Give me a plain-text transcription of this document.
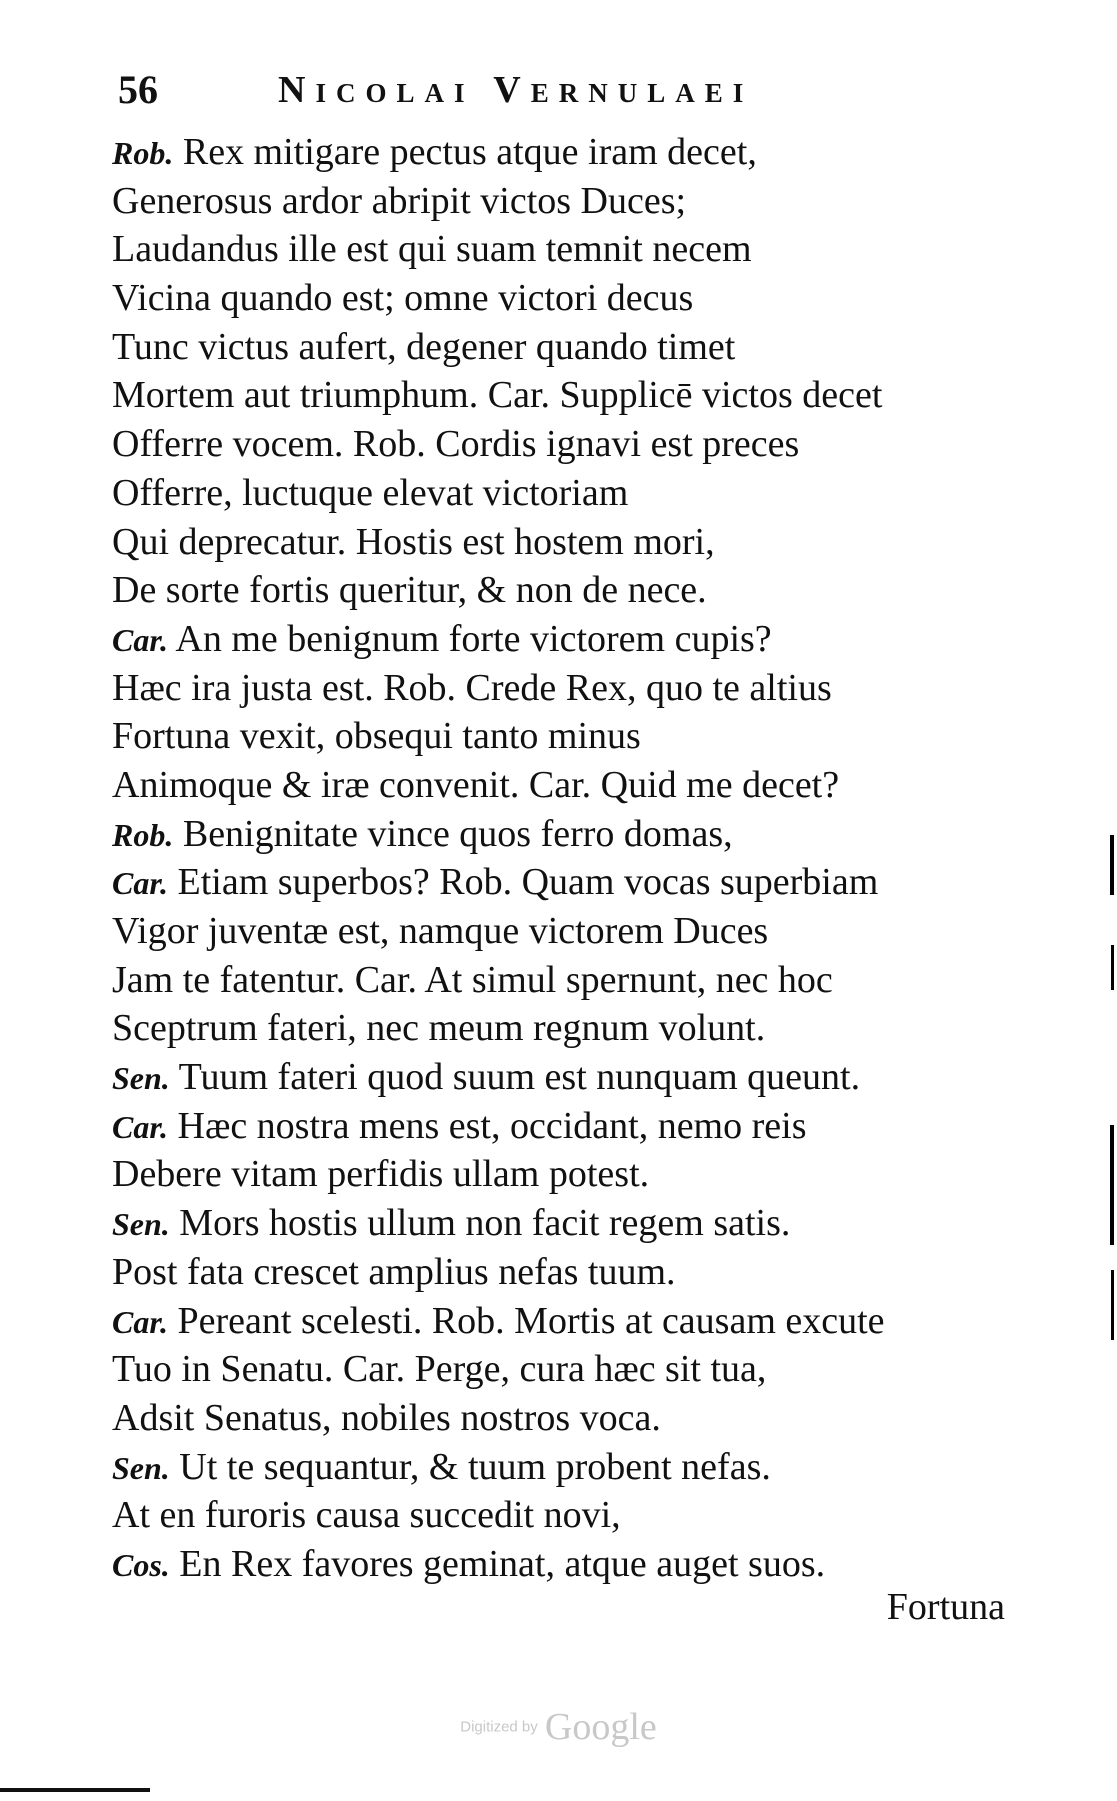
56	Nicolai Vernulaei
Rob. Rex mitigare pectus atque iram decet,
Generosus ardor abripit victos Duces;
Laudandus ille est qui suam temnit necem
Vicina quando est; omne victori decus
Tunc victus aufert, degener quando timet
Mortem aut triumphum. Car. Supplicē victos decet
Offerre vocem. Rob. Cordis ignavi est preces
Offerre, luctuque elevat victoriam
Qui deprecatur. Hostis est hostem mori,
De sorte fortis queritur, & non de nece.
Car. An me benignum forte victorem cupis?
Hæc ira justa est. Rob. Crede Rex, quo te altius
Fortuna vexit, obsequi tanto minus
Animoque & iræ convenit. Car. Quid me decet?
Rob. Benignitate vince quos ferro domas,
Car. Etiam superbos? Rob. Quam vocas superbiam
Vigor juventæ est, namque victorem Duces
Jam te fatentur. Car. At simul spernunt, nec hoc
Sceptrum fateri, nec meum regnum volunt.
Sen. Tuum fateri quod suum est nunquam queunt.
Car. Hæc nostra mens est, occidant, nemo reis
Debere vitam perfidis ullam potest.
Sen. Mors hostis ullum non facit regem satis.
Post fata crescet amplius nefas tuum.
Car. Pereant scelesti. Rob. Mortis at causam excute
Tuo in Senatu. Car. Perge, cura hæc sit tua,
Adsit Senatus, nobiles nostros voca.
Sen. Ut te sequantur, & tuum probent nefas.
At en furoris causa succedit novi,
Cos. En Rex favores geminat, atque auget suos.
Fortuna
Digitized by Google
